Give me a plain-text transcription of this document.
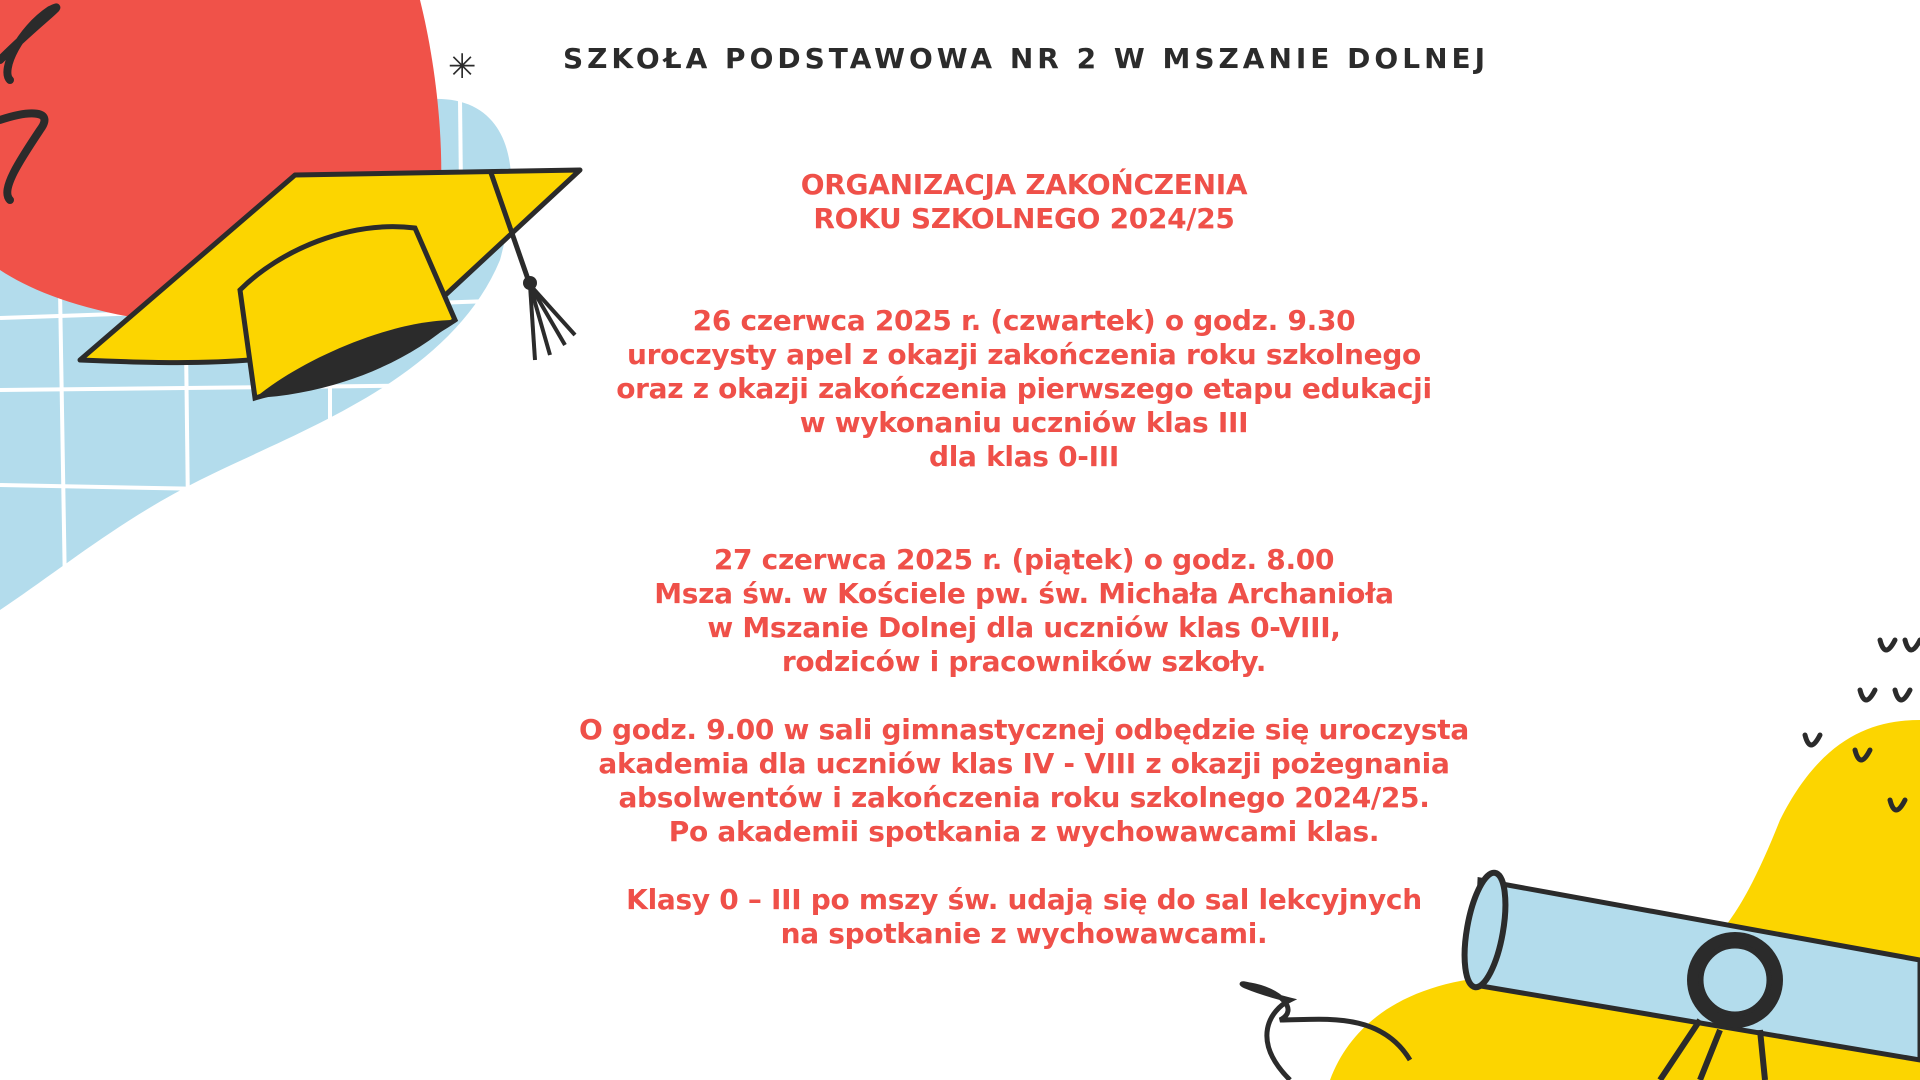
✳	SZKOŁA PODSTAWOWA NR 2 W MSZANIE DOLNEJ
ORGANIZACJA ZAKOŃCZENIA
ROKU SZKOLNEGO 2024/25
26 czerwca 2025 r. (czwartek) o godz. 9.30
uroczysty apel z okazji zakończenia roku szkolnego
oraz z okazji zakończenia pierwszego etapu edukacji
w wykonaniu uczniów klas III
dla klas 0-III
27 czerwca 2025 r. (piątek) o godz. 8.00
Msza św. w Kościele pw. św. Michała Archanioła
w Mszanie Dolnej dla uczniów klas 0-VIII,
rodziców i pracowników szkoły.
O godz. 9.00 w sali gimnastycznej odbędzie się uroczysta
akademia dla uczniów klas IV - VIII z okazji pożegnania
absolwentów i zakończenia roku szkolnego 2024/25.
Po akademii spotkania z wychowawcami klas.
Klasy 0 – III po mszy św. udają się do sal lekcyjnych
na spotkanie z wychowawcami.
